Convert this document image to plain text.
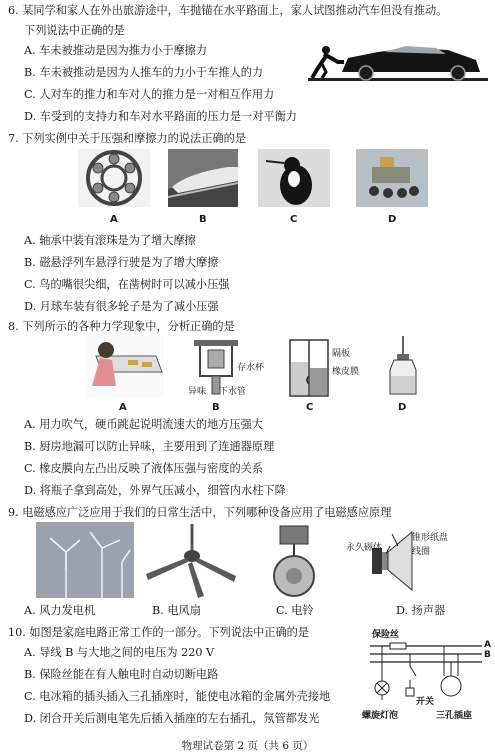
6. 某同学和家人在外出旅游途中，车抛锚在水平路面上，家人试图推动汽车但没有推动。
下列说法中正确的是
A. 车未被推动是因为推力小于摩擦力
B. 车未被推动是因为人推车的力小于车推人的力
C. 人对车的推力和车对人的推力是一对相互作用力
D. 车受到的支持力和车对水平路面的压力是一对平衡力
7. 下列实例中关于压强和摩擦力的说法正确的是
A	B	C	D
A. 轴承中装有滚珠是为了增大摩擦
B. 磁悬浮列车悬浮行驶是为了增大摩擦
C. 鸟的嘴很尖细，在凿树时可以减小压强
D. 月球车装有很多轮子是为了减小压强
8. 下列所示的各种力学现象中，分析正确的是
存水杯
异味 下水管
隔板
橡皮膜
A	B	C	D
A. 用力吹气，硬币跳起说明流速大的地方压强大
B. 厨房地漏可以防止异味，主要用到了连通器原理
C. 橡皮膜向左凸出反映了液体压强与密度的关系
D. 将瓶子拿到高处，外界气压减小，细管内水柱下降
9. 电磁感应广泛应用于我们的日常生活中，下列哪种设备应用了电磁感应原理
永久磁体
锥形纸盘
线圈
A. 风力发电机	B. 电风扇	C. 电铃	D. 扬声器
10. 如图是家庭电路正常工作的一部分。下列说法中正确的是
A. 导线 B 与大地之间的电压为 220 V
B. 保险丝能在有人触电时自动切断电路
C. 电冰箱的插头插入三孔插座时，能使电冰箱的金属外壳接地
D. 闭合开关后测电笔先后插入插座的左右插孔，氖管都发光
保险丝
A
B
开关
螺旋灯泡	三孔插座
物理试卷第 2 页（共 6 页）
